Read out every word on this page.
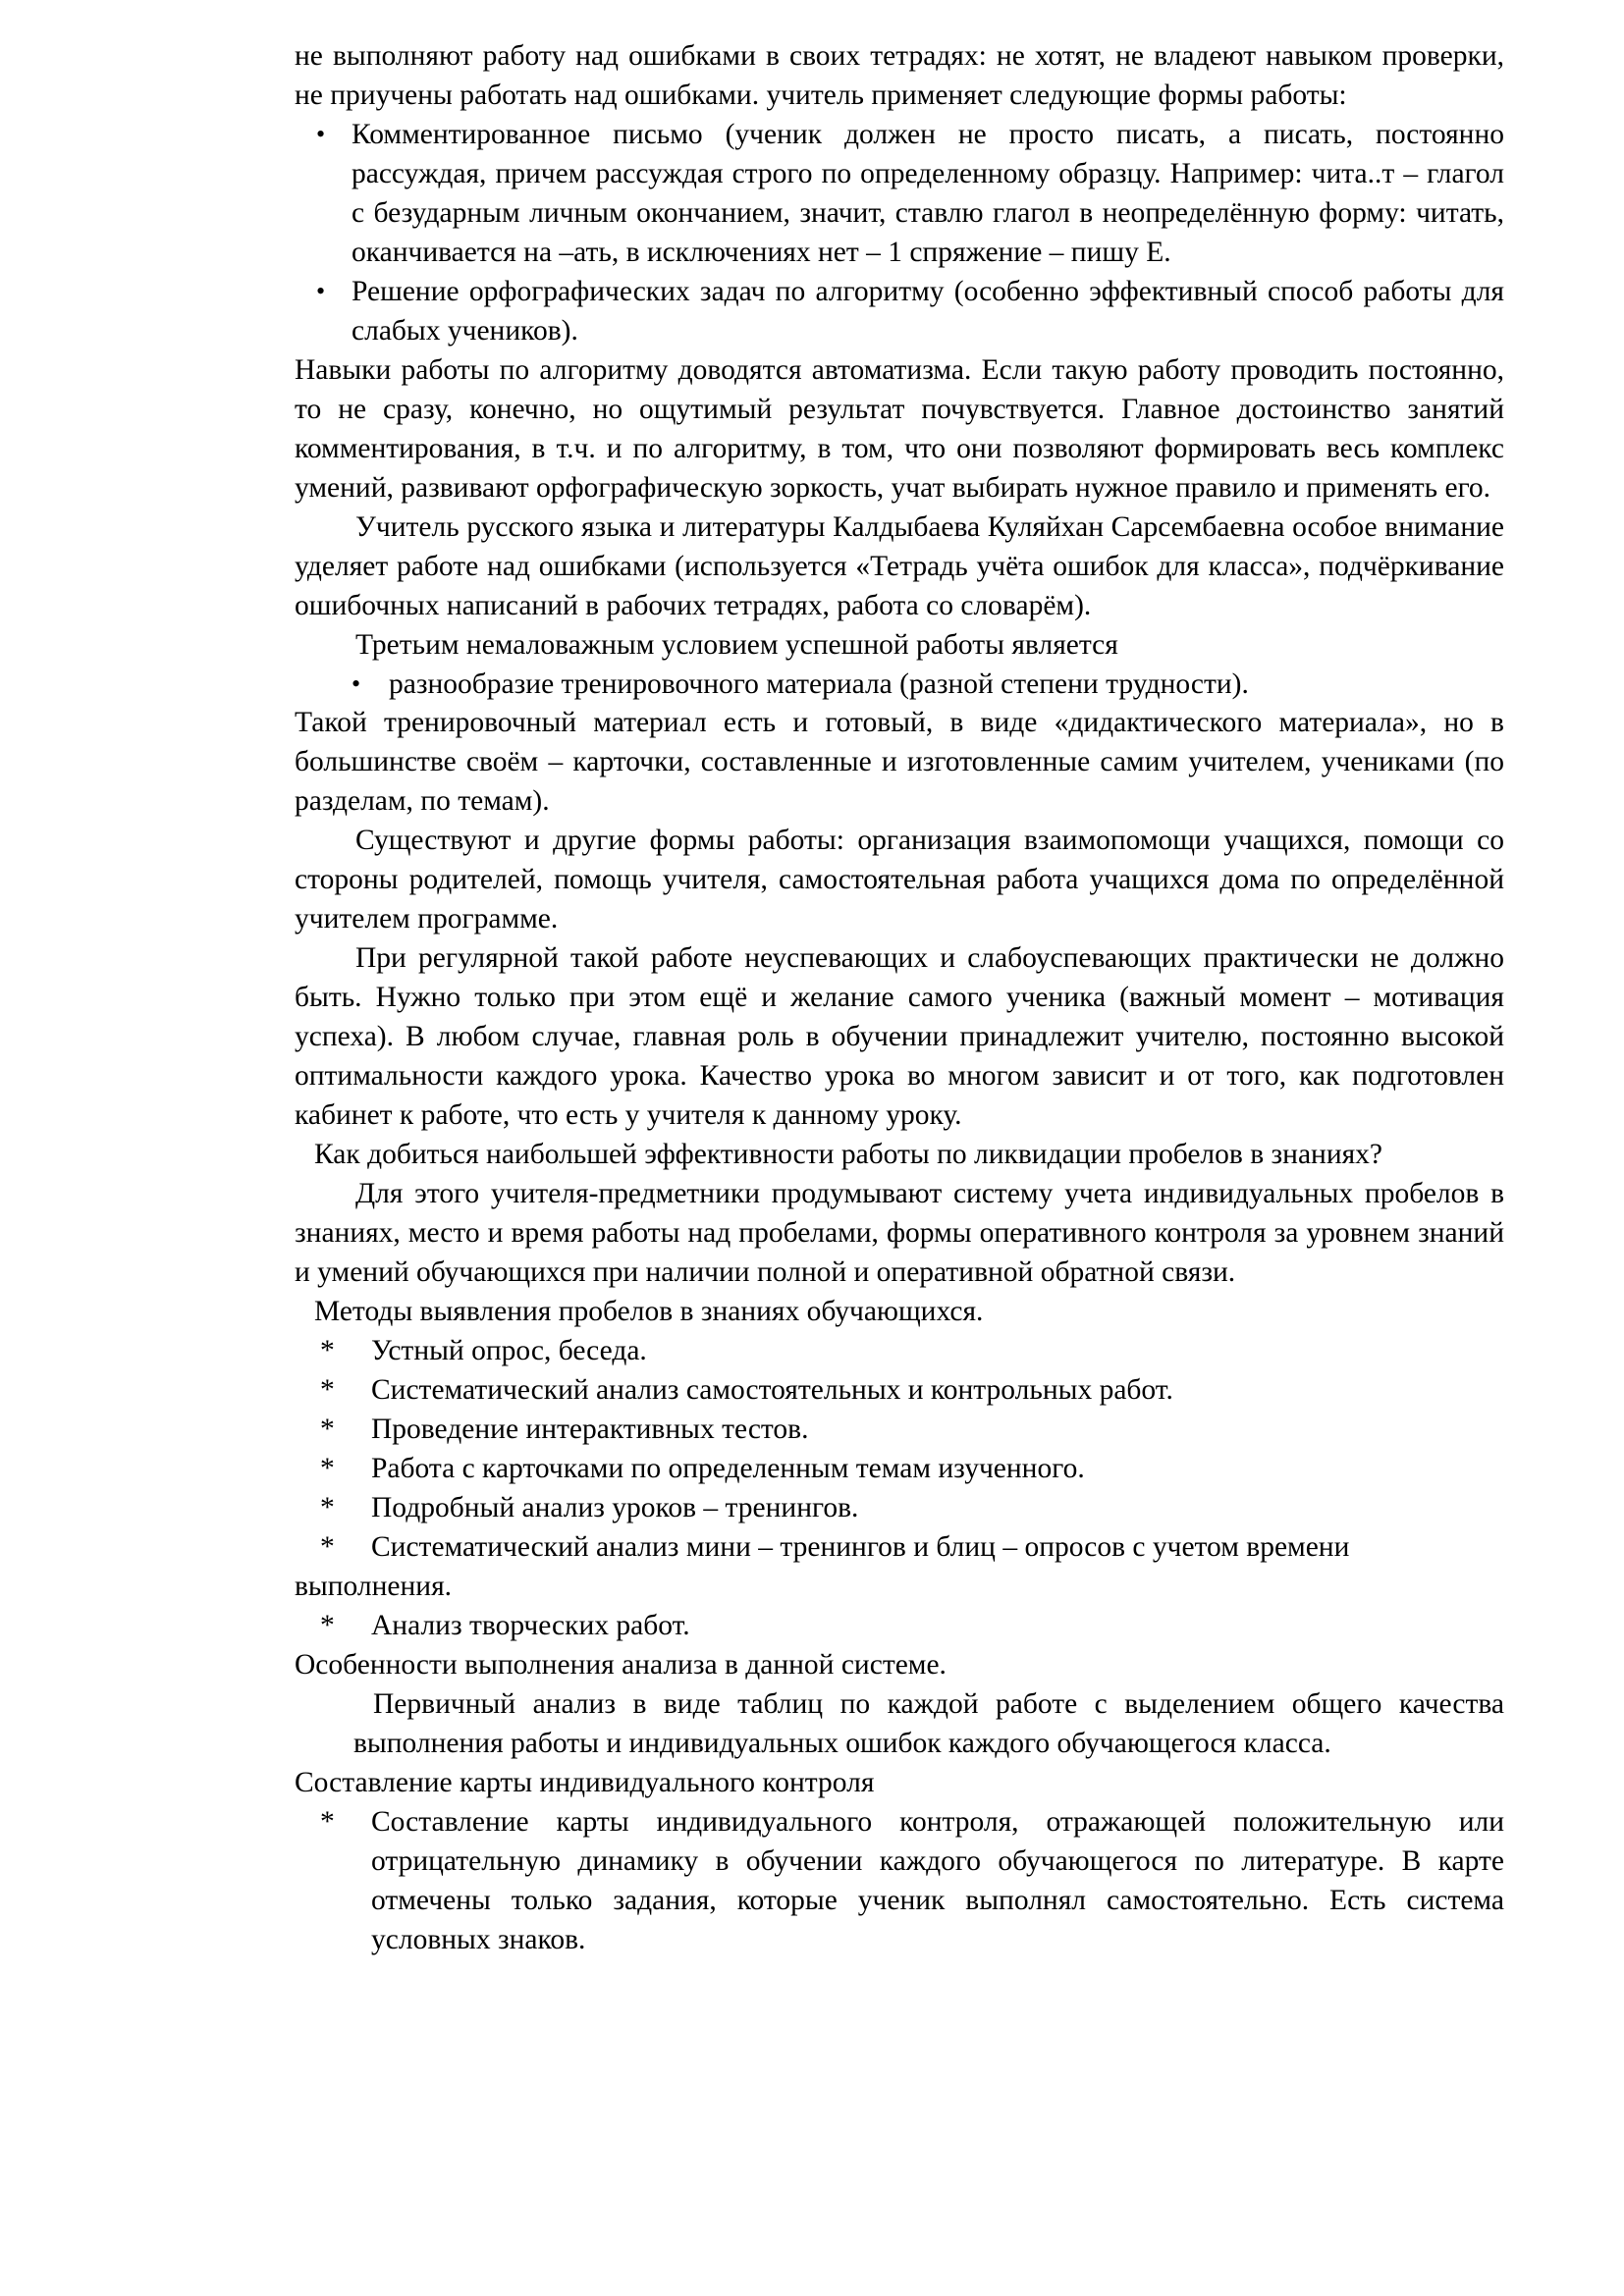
не выполняют работу над ошибками в своих тетрадях: не хотят, не владеют навыком проверки, не приучены работать над ошибками. учитель применяет следующие формы работы:

• Комментированное письмо (ученик должен не просто писать, а писать, постоянно рассуждая, причем рассуждая строго по определенному образцу. Например: чита..т – глагол с безударным личным окончанием, значит, ставлю глагол в неопределённую форму: читать, оканчивается на –ать, в исключениях нет – 1 спряжение – пишу Е.
• Решение орфографических задач по алгоритму (особенно эффективный способ работы для слабых учеников).

Навыки работы по алгоритму доводятся автоматизма. Если такую работу проводить постоянно, то не сразу, конечно, но ощутимый результат почувствуется. Главное достоинство занятий комментирования, в т.ч. и по алгоритму, в том, что они позволяют формировать весь комплекс умений, развивают орфографическую зоркость, учат выбирать нужное правило и применять его.

Учитель русского языка и литературы Калдыбаева Куляйхан Сарсембаевна особое внимание уделяет работе над ошибками (используется «Тетрадь учёта ошибок для класса», подчёркивание ошибочных написаний в рабочих тетрадях, работа со словарём).

Третьим немаловажным условием успешной работы является

• разнообразие тренировочного материала (разной степени трудности).

Такой тренировочный материал есть и готовый, в виде «дидактического материала», но в большинстве своём – карточки, составленные и изготовленные самим учителем, учениками (по разделам, по темам).

Существуют и другие формы работы: организация взаимопомощи учащихся, помощи со стороны родителей, помощь учителя, самостоятельная работа учащихся дома по определённой учителем программе.

При регулярной такой работе неуспевающих и слабоуспевающих практически не должно быть. Нужно только при этом ещё и желание самого ученика (важный момент – мотивация успеха). В любом случае, главная роль в обучении принадлежит учителю, постоянно высокой оптимальности каждого урока. Качество урока во многом зависит и от того, как подготовлен кабинет к работе, что есть у учителя к данному уроку.

Как добиться наибольшей эффективности работы по ликвидации пробелов в знаниях?

Для этого учителя-предметники продумывают систему учета индивидуальных пробелов в знаниях, место и время работы над пробелами, формы оперативного контроля за уровнем знаний и умений обучающихся при наличии полной и оперативной обратной связи.

Методы выявления пробелов в знаниях обучающихся.

*	Устный опрос, беседа.
*	Систематический анализ самостоятельных и контрольных работ.
*	Проведение интерактивных тестов.
*	Работа с карточками по определенным темам изученного.
*	Подробный анализ уроков – тренингов.
*	Систематический анализ мини – тренингов и блиц – опросов с учетом времени

выполнения.

*	Анализ творческих работ.

Особенности выполнения анализа в данной системе.

Первичный анализ в виде таблиц по каждой работе с выделением общего качества выполнения работы и индивидуальных ошибок каждого обучающегося класса.

Составление карты индивидуального контроля

*	Составление карты индивидуального контроля, отражающей положительную или отрицательную динамику в обучении каждого обучающегося по литературе. В карте отмечены только задания, которые ученик выполнял самостоятельно. Есть система условных знаков.
